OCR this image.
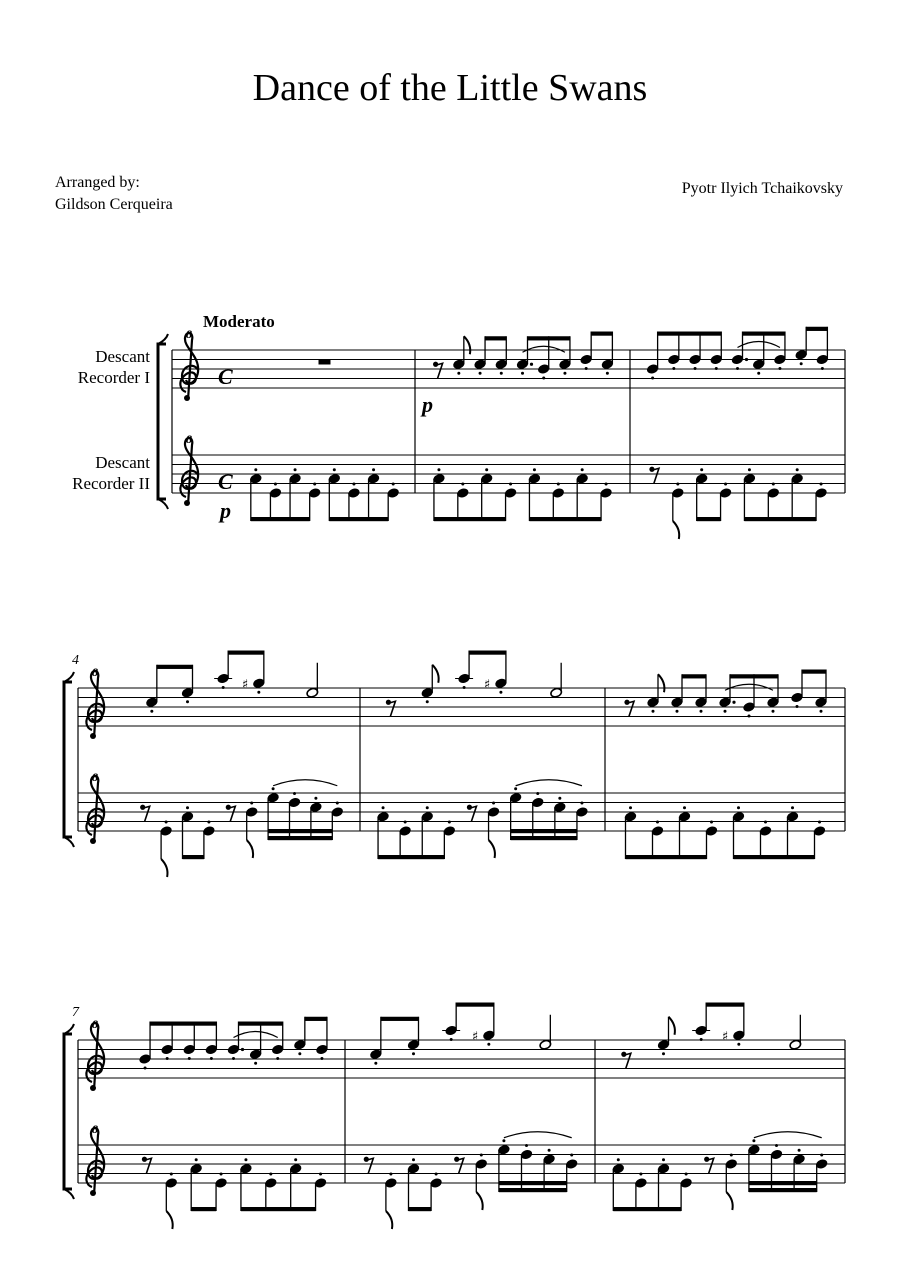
Dance of the Little Swans
Arranged by:
Gildson Cerqueira
Pyotr Ilyich Tchaikovsky
Descant
Recorder I
Descant
Recorder II
Moderato
8
C
8
C
8
8
♯	♯
8
8
♯	♯
4
7
p
p
